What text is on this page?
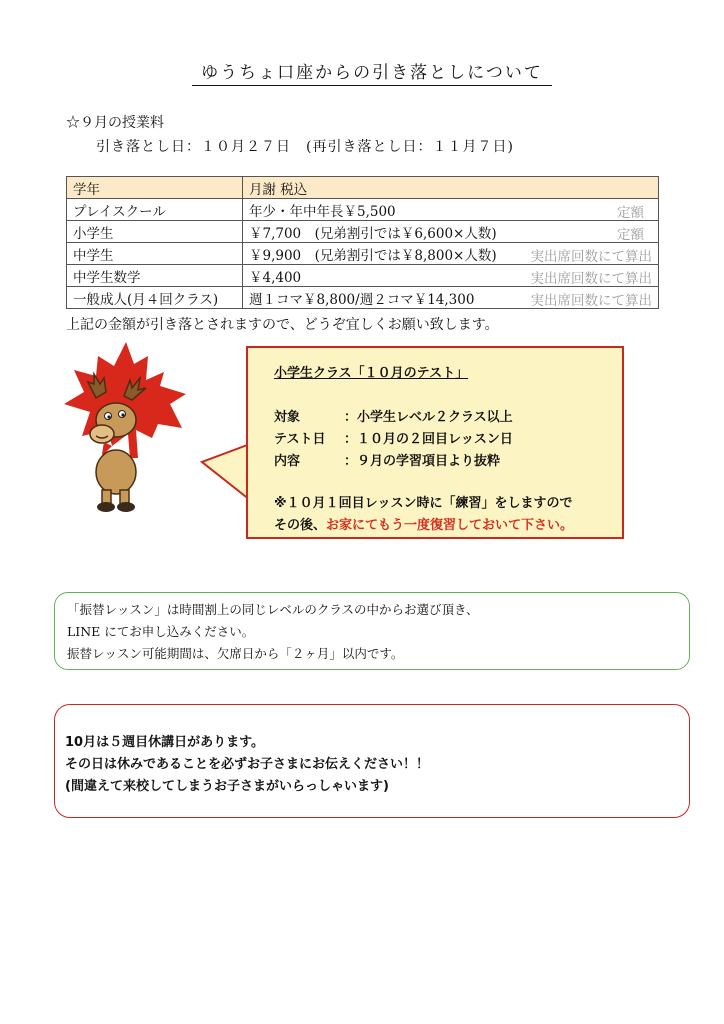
ゆうちょ口座からの引き落としについて
☆９月の授業料
引き落とし日：１０月２７日　(再引き落とし日：１１月７日)
学年	月謝 税込
プレイスクール	年少・年中年長￥5,500 定額

小学生	￥7,700　(兄弟割引では￥6,600×人数) 定額

中学生	￥9,900　(兄弟割引では￥8,800×人数) 実出席回数にて算出

中学生数学	￥4,400 実出席回数にて算出

一般成人(月４回クラス)	週１コマ￥8,800/週２コマ￥14,300 実出席回数にて算出
上記の金額が引き落とされますので、どうぞ宜しくお願い致します。
小学生クラス「１０月のテスト」
対象	：小学生レベル２クラス以上
テスト日 ：１０月の２回目レッスン日
内容	：９月の学習項目より抜粋
※１０月１回目レッスン時に「練習」をしますので
その後、お家にてもう一度復習しておいて下さい。
「振替レッスン」は時間割上の同じレベルのクラスの中からお選び頂き、
LINE にてお申し込みください。
振替レッスン可能期間は、欠席日から「２ヶ月」以内です。
10月は５週目休講日があります。
その日は休みであることを必ずお子さまにお伝えください！！
(間違えて来校してしまうお子さまがいらっしゃいます)
